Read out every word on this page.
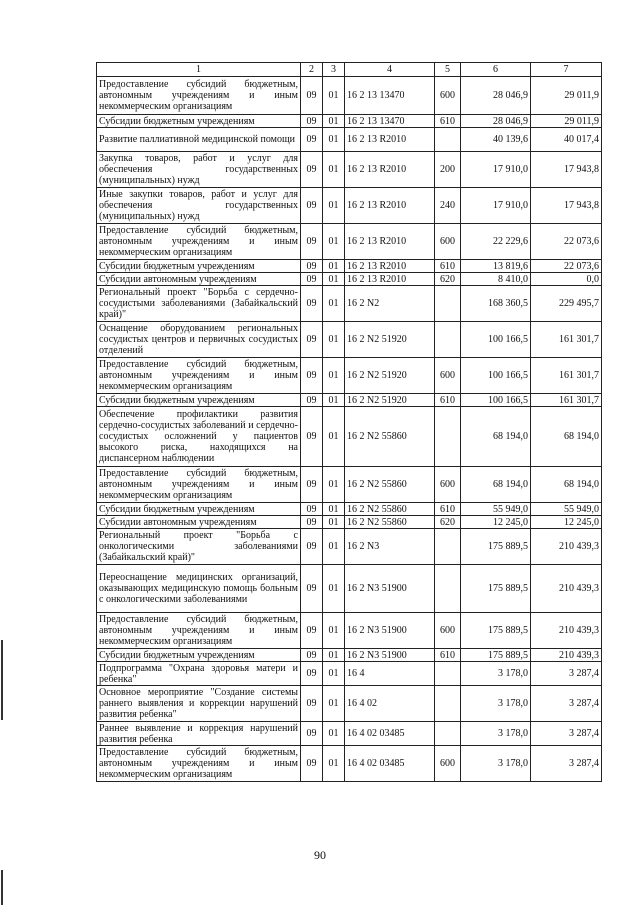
1	2	3	4	5	6	7
Предоставление субсидий бюджетным, автономным учреждениям и иным некоммерческим организациям	09	01	16 2 13 13470	600	28 046,9	29 011,9
Субсидии бюджетным учреждениям	09	01	16 2 13 13470	610	28 046,9	29 011,9
Развитие паллиативной медицинской помощи	09	01	16 2 13 R2010		40 139,6	40 017,4
Закупка товаров, работ и услуг для обеспечения государственных (муниципальных) нужд	09	01	16 2 13 R2010	200	17 910,0	17 943,8
Иные закупки товаров, работ и услуг для обеспечения государственных (муниципальных) нужд	09	01	16 2 13 R2010	240	17 910,0	17 943,8
Предоставление субсидий бюджетным, автономным учреждениям и иным некоммерческим организациям	09	01	16 2 13 R2010	600	22 229,6	22 073,6
Субсидии бюджетным учреждениям	09	01	16 2 13 R2010	610	13 819,6	22 073,6
Субсидии автономным учреждениям	09	01	16 2 13 R2010	620	8 410,0	0,0
Региональный проект "Борьба с сердечно-сосудистыми заболеваниями (Забайкальский край)"	09	01	16 2 N2		168 360,5	229 495,7
Оснащение оборудованием региональных сосудистых центров и первичных сосудистых отделений	09	01	16 2 N2 51920		100 166,5	161 301,7
Предоставление субсидий бюджетным, автономным учреждениям и иным некоммерческим организациям	09	01	16 2 N2 51920	600	100 166,5	161 301,7
Субсидии бюджетным учреждениям	09	01	16 2 N2 51920	610	100 166,5	161 301,7
Обеспечение профилактики развития сердечно-сосудистых заболеваний и сердечно-сосудистых осложнений у пациентов высокого риска, находящихся на диспансерном наблюдении	09	01	16 2 N2 55860		68 194,0	68 194,0
Предоставление субсидий бюджетным, автономным учреждениям и иным некоммерческим организациям	09	01	16 2 N2 55860	600	68 194,0	68 194,0
Субсидии бюджетным учреждениям	09	01	16 2 N2 55860	610	55 949,0	55 949,0
Субсидии автономным учреждениям	09	01	16 2 N2 55860	620	12 245,0	12 245,0
Региональный проект "Борьба с онкологическими заболеваниями (Забайкальский край)"	09	01	16 2 N3		175 889,5	210 439,3
Переоснащение медицинских организаций, оказывающих медицинскую помощь больным с онкологическими заболеваниями	09	01	16 2 N3 51900		175 889,5	210 439,3
Предоставление субсидий бюджетным, автономным учреждениям и иным некоммерческим организациям	09	01	16 2 N3 51900	600	175 889,5	210 439,3
Субсидии бюджетным учреждениям	09	01	16 2 N3 51900	610	175 889,5	210 439,3
Подпрограмма "Охрана здоровья матери и ребенка"	09	01	16 4		3 178,0	3 287,4
Основное мероприятие "Создание системы раннего выявления и коррекции нарушений развития ребенка"	09	01	16 4 02		3 178,0	3 287,4
Раннее выявление и коррекция нарушений развития ребенка	09	01	16 4 02 03485		3 178,0	3 287,4
Предоставление субсидий бюджетным, автономным учреждениям и иным некоммерческим организациям	09	01	16 4 02 03485	600	3 178,0	3 287,4
90
